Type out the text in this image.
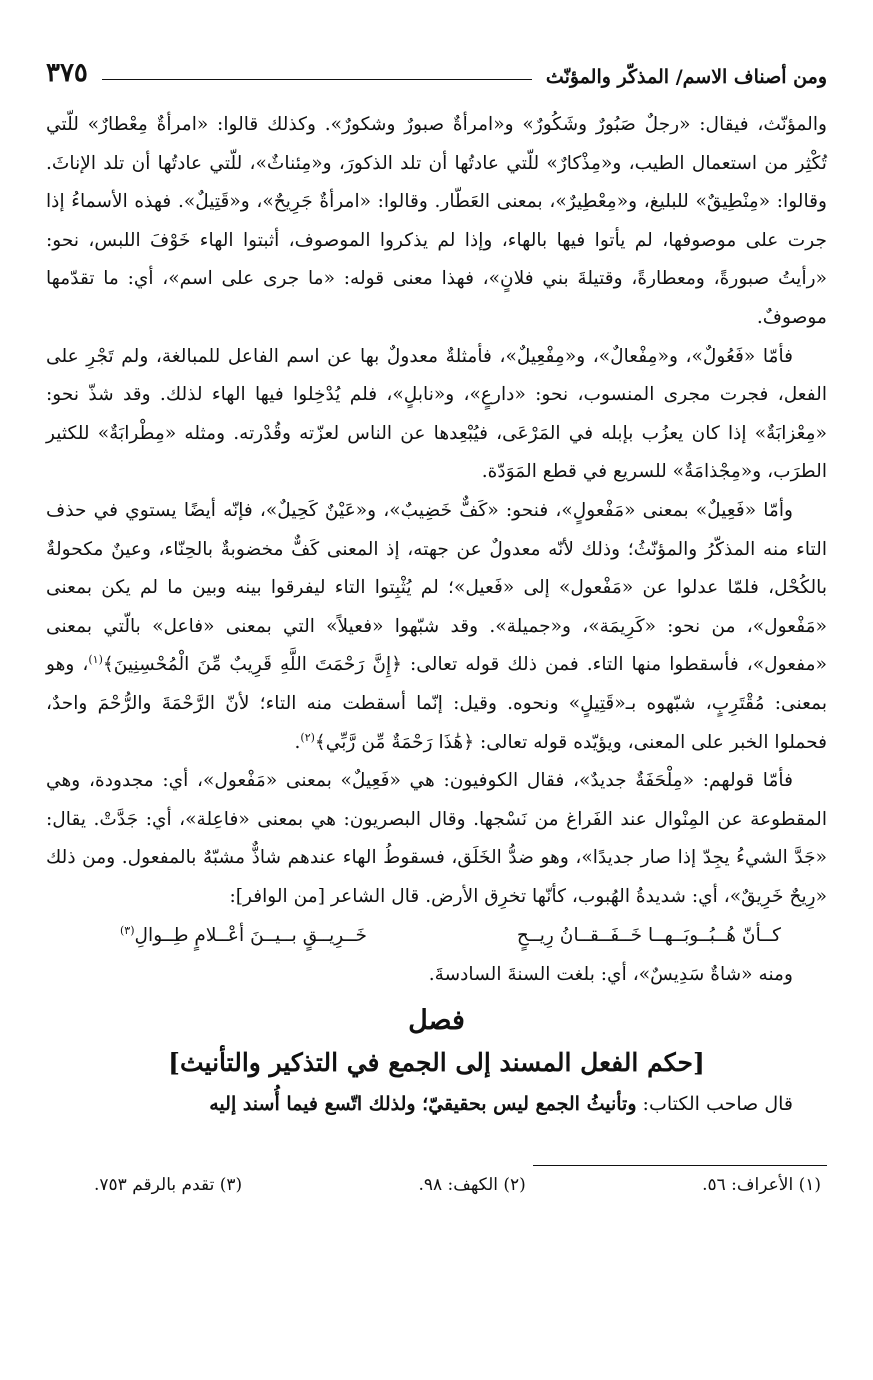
ومن أصناف الاسم/ المذكّر والمؤنّث
٣٧٥

والمؤنّث، فيقال: «رجلٌ صَبُورٌ وشَكُورٌ» و«امرأةٌ صبورٌ وشكورٌ». وكذلك قالوا: «امرأةٌ مِعْطارٌ» للّتي تُكْثِر من استعمال الطيب، و«مِذْكارٌ» للّتي عادتُها أن تلد الذكورَ، و«مِئناثٌ»، للّتي عادتُها أن تلد الإناثَ. وقالوا: «مِنْطِيقٌ» للبليغ، و«مِعْطِيرٌ»، بمعنى العَطّار. وقالوا: «امرأةٌ جَرِيحٌ»، و«قَتِيلٌ». فهذه الأسماءُ إذا جرت على موصوفها، لم يأتوا فيها بالهاء، وإذا لم يذكروا الموصوف، أثبتوا الهاء خَوْفَ اللبس، نحو: «رأيتُ صبورةً، ومعطارةً، وقتيلةَ بني فلانٍ»، فهذا معنى قوله: «ما جرى على اسم»، أي: ما تقدّمها موصوفٌ.

فأمّا «فَعُولٌ»، و«مِفْعالٌ»، و«مِفْعِيلٌ»، فأمثلةٌ معدولٌ بها عن اسم الفاعل للمبالغة، ولم تَجْرِ على الفعل، فجرت مجرى المنسوب، نحو: «دارعٍ»، و«نابلٍ»، فلم يُدْخِلوا فيها الهاء لذلك. وقد شذّ نحو: «مِعْزابَةٌ» إذا كان يعزُب بإبله في المَرْعَى، فيُبْعِدها عن الناس لعزّته وقُدْرته. ومثله «مِطْرابَةٌ» للكثير الطرَب، و«مِجْذامَةٌ» للسريع في قطع المَوَدّة.

وأمّا «فَعِيلٌ» بمعنى «مَفْعولٍ»، فنحو: «كَفٌّ خَضِيبٌ»، و«عَيْنٌ كَحِيلٌ»، فإنّه أيضًا يستوي في حذف التاء منه المذكّرُ والمؤنّثُ؛ وذلك لأنّه معدولٌ عن جهته، إذ المعنى كَفٌّ مخضوبةٌ بالحِنّاء، وعينٌ مكحولةٌ بالكُحْل، فلمّا عدلوا عن «مَفْعول» إلى «فَعيل»؛ لم يُثْبِتوا التاء ليفرقوا بينه وبين ما لم يكن بمعنى «مَفْعول»، من نحو: «كَرِيمَة»، و«جميلة». وقد شبّهوا «فعيلاً» التي بمعنى «فاعل» بالّتي بمعنى «مفعول»، فأسقطوا منها التاء. فمن ذلك قوله تعالى: ﴿إِنَّ رَحْمَتَ اللَّهِ قَرِيبٌ مِّنَ الْمُحْسِنِينَ﴾$^{(١)}$، وهو بمعنى: مُقْتَرِبٍ، شبّهوه بـ«قَتِيلٍ» ونحوه. وقيل: إنّما أسقطت منه التاء؛ لأنّ الرَّحْمَةَ والرُّحْمَ واحدٌ، فحملوا الخبر على المعنى، ويؤيّده قوله تعالى: ﴿هَٰذَا رَحْمَةٌ مِّن رَّبِّي﴾$^{(٢)}$.

فأمّا قولهم: «مِلْحَفَةٌ جديدٌ»، فقال الكوفيون: هي «فَعِيلٌ» بمعنى «مَفْعول»، أي: مجدودة، وهي المقطوعة عن المِنْوال عند الفَراغ من نَسْجها. وقال البصريون: هي بمعنى «فاعِلة»، أي: جَدَّتْ. يقال: «جَدَّ الشيءُ يجِدّ إذا صار جديدًا»، وهو ضدُّ الخَلَق، فسقوطُ الهاء عندهم شاذٌّ مشبّهٌ بالمفعول. ومن ذلك «رِيحٌ خَرِيقٌ»، أي: شديدةُ الهُبوب، كأنّها تخرِق الأرض. قال الشاعر [من الوافر]:

كــأنّ هُــبُــوبَــهــا خَــفَــقــانُ رِيــحٍ
خَــرِيــقٍ بــيــنَ أعْــلامٍ طِــوالِ$^{(٣)}$

ومنه «شاةٌ سَدِيسٌ»، أي: بلغت السنةَ السادسةَ.

فصل
[حكم الفعل المسند إلى الجمع في التذكير والتأنيث]
قال صاحب الكتاب: وتأنيثُ الجمع ليس بحقيقيّ؛ ولذلك اتّسع فيما أُسند إليه
(١) الأعراف: ٥٦.
(٢) الكهف: ٩٨.
(٣) تقدم بالرقم ٧٥٣.
